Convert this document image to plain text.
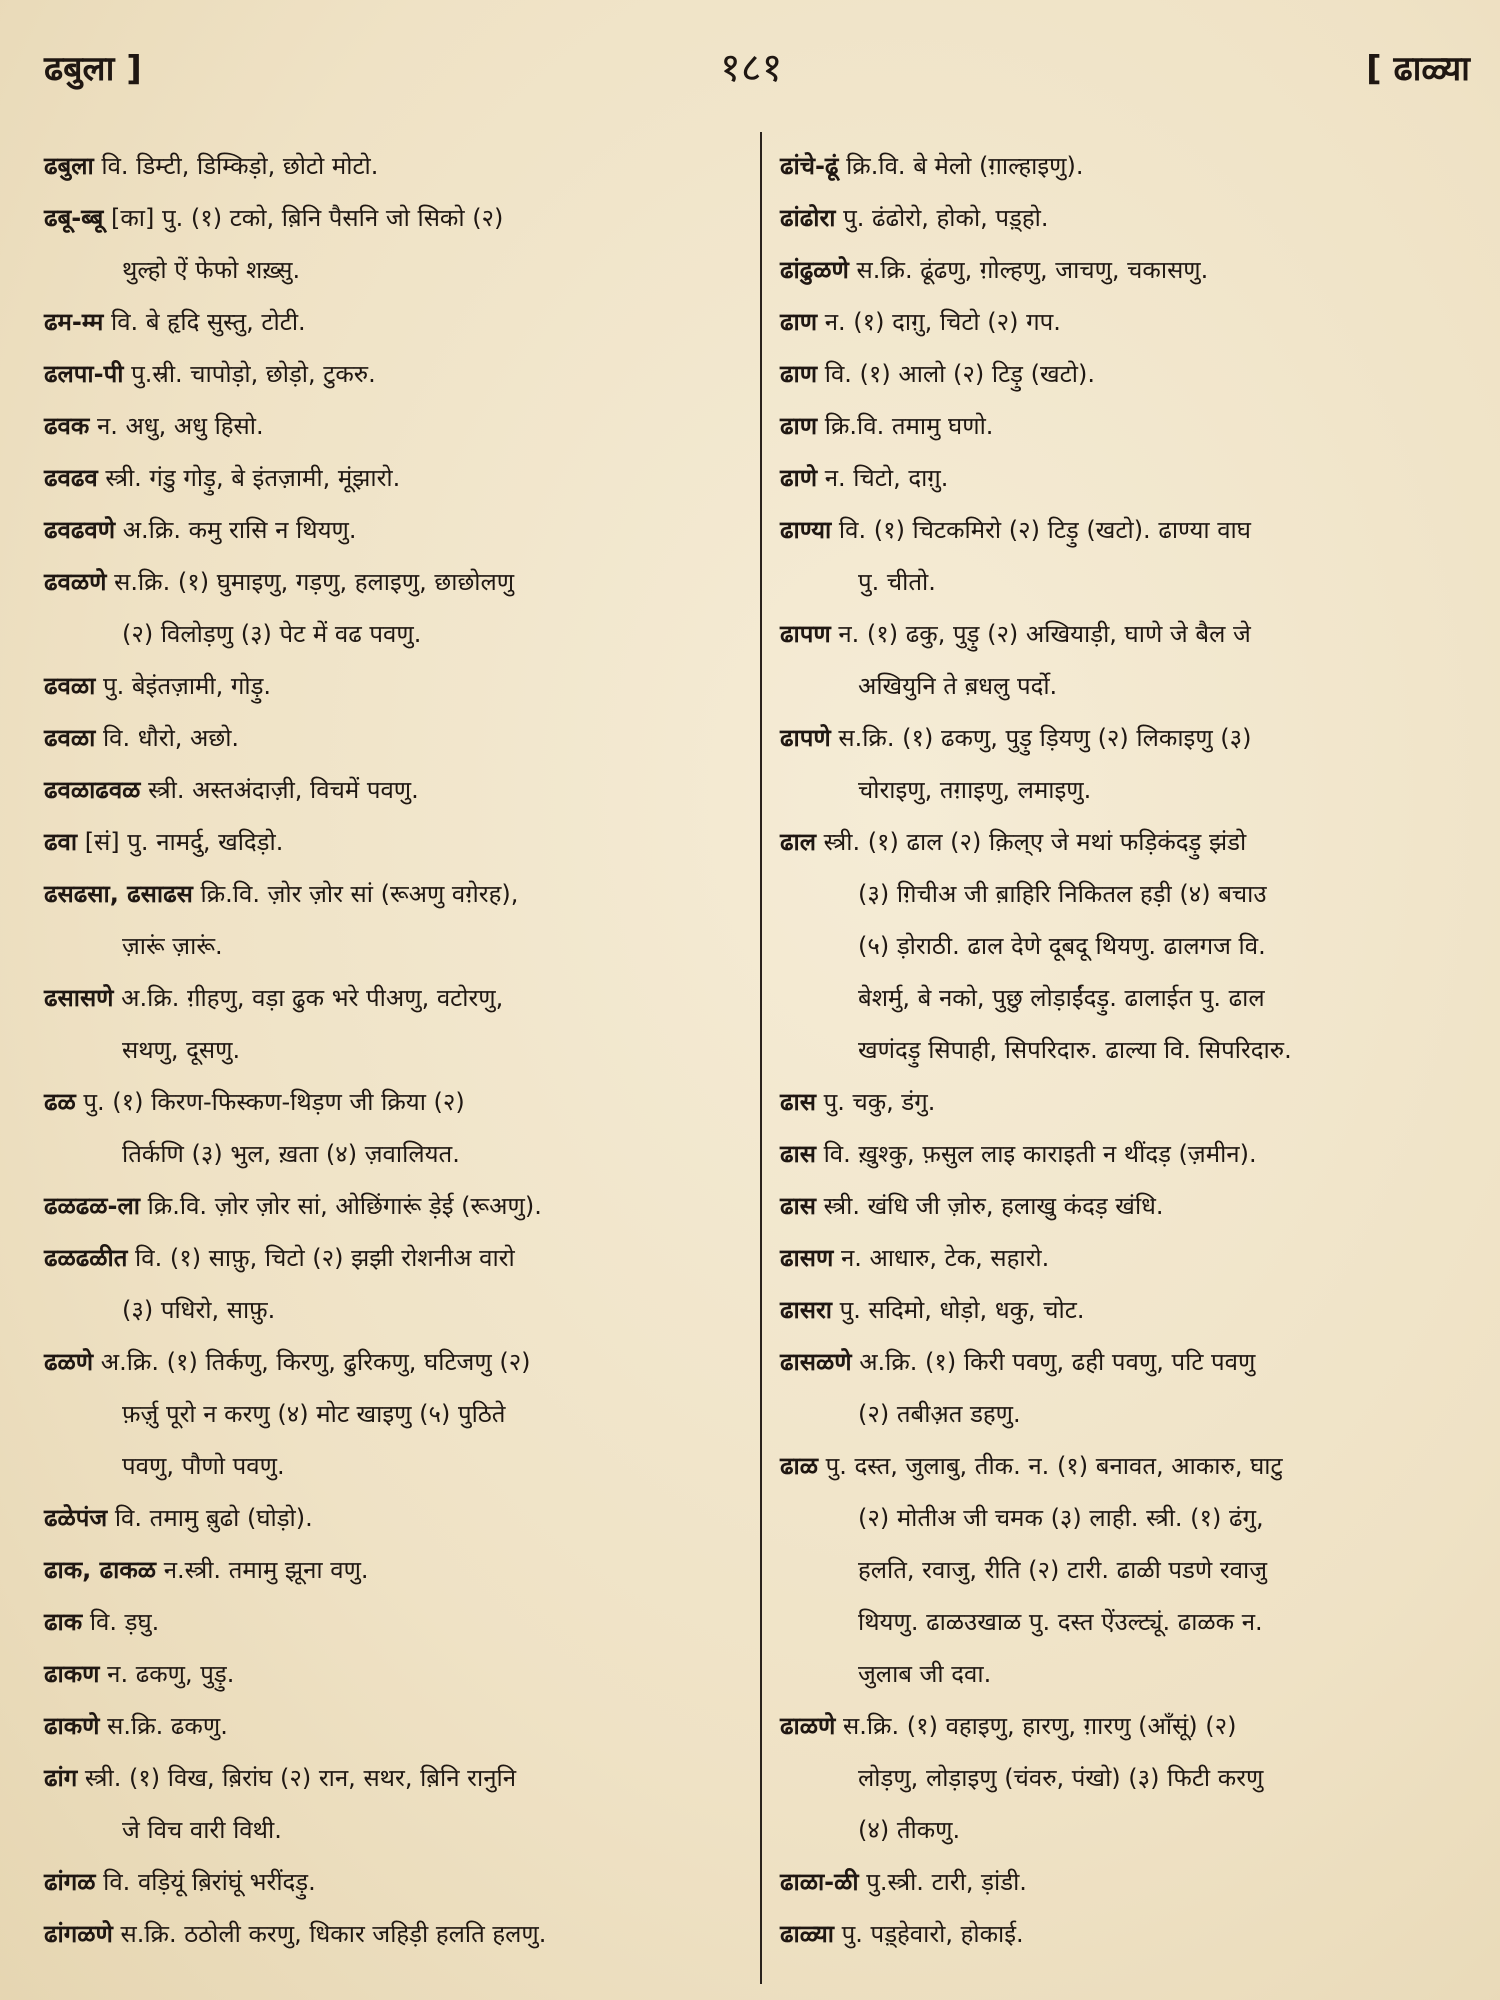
ढबुला ]	१८१	[ ढाळ्या

ढबुला वि. डिम्टी, डिम्किड़ो, छोटो मोटो.

ढबू-ब्बू [का] पु. (१) टको, ब़िनि पैसनि जो सिको (२)

थुल्हो ऐं फेफो शख़्सु.

ढम-म्म वि. बे हृदि सुस्तु, टोटी.

ढलपा-पी पु.स्री. चापोड़ो, छोड़ो, टुकरु.

ढवक न. अधु, अधु हिसो.

ढवढव स्त्री. गंडु गोड़ु, बे इंतज़ामी, मूंझारो.

ढवढवणे अ.क्रि. कमु रासि न थियणु.

ढवळणे स.क्रि. (१) घुमाइणु, गड़णु, हलाइणु, छाछोलणु

(२) विलोड़णु (३) पेट में वढ पवणु.

ढवळा पु. बेइंतज़ामी, गोड़ु.

ढवळा वि. धौरो, अछो.

ढवळाढवळ स्त्री. अस्तअंदाज़ी, विचमें पवणु.

ढवा [सं] पु. नामर्दु, खदिड़ो.

ढसढसा, ढसाढस क्रि.वि. ज़ोर ज़ोर सां (रूअणु वग़ेरह),

ज़ारूं ज़ारूं.

ढसासणे अ.क्रि. ग़ीहणु, वड़ा ढुक भरे पीअणु, वटोरणु,

सथणु, दूसणु.

ढळ पु. (१) किरण-फिस्कण-थिड़ण जी क्रिया (२)

तिर्कणि (३) भुल, ख़ता (४) ज़वालियत.

ढळढळ-ला क्रि.वि. ज़ोर ज़ोर सां, ओछिंगारूं ड़ेई (रूअणु).

ढळढळीत वि. (१) साफ़ु, चिटो (२) झझी रोशनीअ वारो

(३) पधिरो, साफ़ु.

ढळणे अ.क्रि. (१) तिर्कणु, किरणु, ढुरिकणु, घटिजणु (२)

फ़र्ज़ु पूरो न करणु (४) मोट खाइणु (५) पुठिते

पवणु, पौणो पवणु.

ढळेपंज वि. तमामु ब़ुढो (घोड़ो).

ढाक, ढाकळ न.स्त्री. तमामु झूना वणु.

ढाक वि. ड़घु.

ढाकण न. ढकणु, पुड़ु.

ढाकणे स.क्रि. ढकणु.

ढांग स्त्री. (१) विख, ब़िरांघ (२) रान, सथर, ब़िनि रानुनि

जे विच वारी विथी.

ढांगळ वि. वड़ियूं ब़िरांघूं भरींदड़ु.

ढांगळणे स.क्रि. ठठोली करणु, धिकार जहिड़ी हलति हलणु.

ढांचे-ढूं क्रि.वि. बे मेलो (ग़ाल्हाइणु).

ढांढोरा पु. ढंढोरो, होको, पड़्हो.

ढांढुळणे स.क्रि. ढूंढणु, ग़ोल्हणु, जाचणु, चकासणु.

ढाण न. (१) दाग़ु, चिटो (२) गप.

ढाण वि. (१) आलो (२) टिड़ु (खटो).

ढाण क्रि.वि. तमामु घणो.

ढाणे न. चिटो, दाग़ु.

ढाण्या वि. (१) चिटकमिरो (२) टिड़ु (खटो). ढाण्या वाघ

पु. चीतो.

ढापण न. (१) ढकु, पुड़ु (२) अखियाड़ी, घाणे जे बैल जे

अखियुनि ते ब़धलु पर्दो.

ढापणे स.क्रि. (१) ढकणु, पुड़ु ड़ियणु (२) लिकाइणु (३)

चोराइणु, तग़ाइणु, लमाइणु.

ढाल स्त्री. (१) ढाल (२) क़िल्ए जे मथां फड़िकंदड़ु झंडो

(३) ग़िचीअ जी ब़ाहिरि निकितल हड़ी (४) बचाउ

(५) ड़ोराठी. ढाल देणे दूबदू थियणु. ढालगज वि.

बेशर्मु, बे नको, पुछु लोड़ाईंदड़ु. ढालाईत पु. ढाल

खणंदड़ु सिपाही, सिपरिदारु. ढाल्या वि. सिपरिदारु.

ढास पु. चकु, डंगु.

ढास वि. ख़ुश्कु, फ़सुल लाइ काराइती न थींदड़ (ज़मीन).

ढास स्त्री. खंधि जी ज़ोरु, हलाखु कंदड़ खंधि.

ढासण न. आधारु, टेक, सहारो.

ढासरा पु. सदिमो, धोड़ो, धकु, चोट.

ढासळणे अ.क्रि. (१) किरी पवणु, ढही पवणु, पटि पवणु

(२) तबीअ़त डहणु.

ढाळ पु. दस्त, जुलाबु, तीक. न. (१) बनावत, आकारु, घाटु

(२) मोतीअ जी चमक (३) लाही. स्त्री. (१) ढंगु,

हलति, रवाजु, रीति (२) टारी. ढाळी पडणे रवाजु

थियणु. ढाळउखाळ पु. दस्त ऐंउल्ट्यूं. ढाळक न.

जुलाब जी दवा.

ढाळणे स.क्रि. (१) वहाइणु, हारणु, ग़ारणु (आँसूं) (२)

लोड़णु, लोड़ाइणु (चंवरु, पंखो) (३) फिटी करणु

(४) तीकणु.

ढाळा-ळी पु.स्त्री. टारी, ड़ांडी.

ढाळ्या पु. पड़्हेवारो, होकाई.
